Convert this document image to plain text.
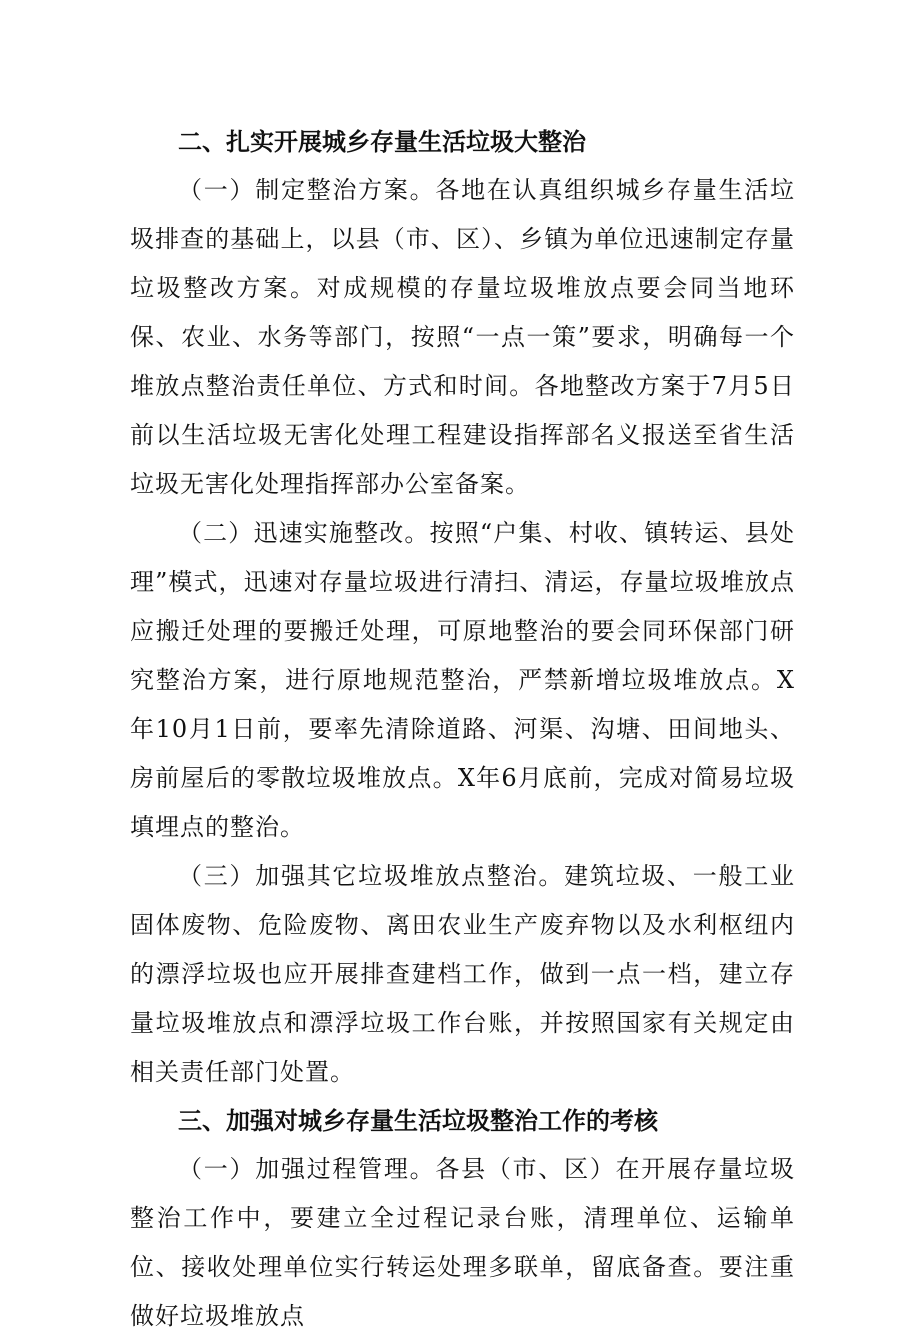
二、扎实开展城乡存量生活垃圾大整治

（一）制定整治方案。各地在认真组织城乡存量生活垃圾排查的基础上，以县（市、区）、乡镇为单位迅速制定存量垃圾整改方案。对成规模的存量垃圾堆放点要会同当地环保、农业、水务等部门，按照“一点一策”要求，明确每一个堆放点整治责任单位、方式和时间。各地整改方案于7月5日前以生活垃圾无害化处理工程建设指挥部名义报送至省生活垃圾无害化处理指挥部办公室备案。

（二）迅速实施整改。按照“户集、村收、镇转运、县处理”模式，迅速对存量垃圾进行清扫、清运，存量垃圾堆放点应搬迁处理的要搬迁处理，可原地整治的要会同环保部门研究整治方案，进行原地规范整治，严禁新增垃圾堆放点。X年10月1日前，要率先清除道路、河渠、沟塘、田间地头、房前屋后的零散垃圾堆放点。X年6月底前，完成对简易垃圾填埋点的整治。

（三）加强其它垃圾堆放点整治。建筑垃圾、一般工业固体废物、危险废物、离田农业生产废弃物以及水利枢纽内的漂浮垃圾也应开展排查建档工作，做到一点一档，建立存量垃圾堆放点和漂浮垃圾工作台账，并按照国家有关规定由相关责任部门处置。

三、加强对城乡存量生活垃圾整治工作的考核

（一）加强过程管理。各县（市、区）在开展存量垃圾整治工作中，要建立全过程记录台账，清理单位、运输单位、接收处理单位实行转运处理多联单，留底备查。要注重做好垃圾堆放点
